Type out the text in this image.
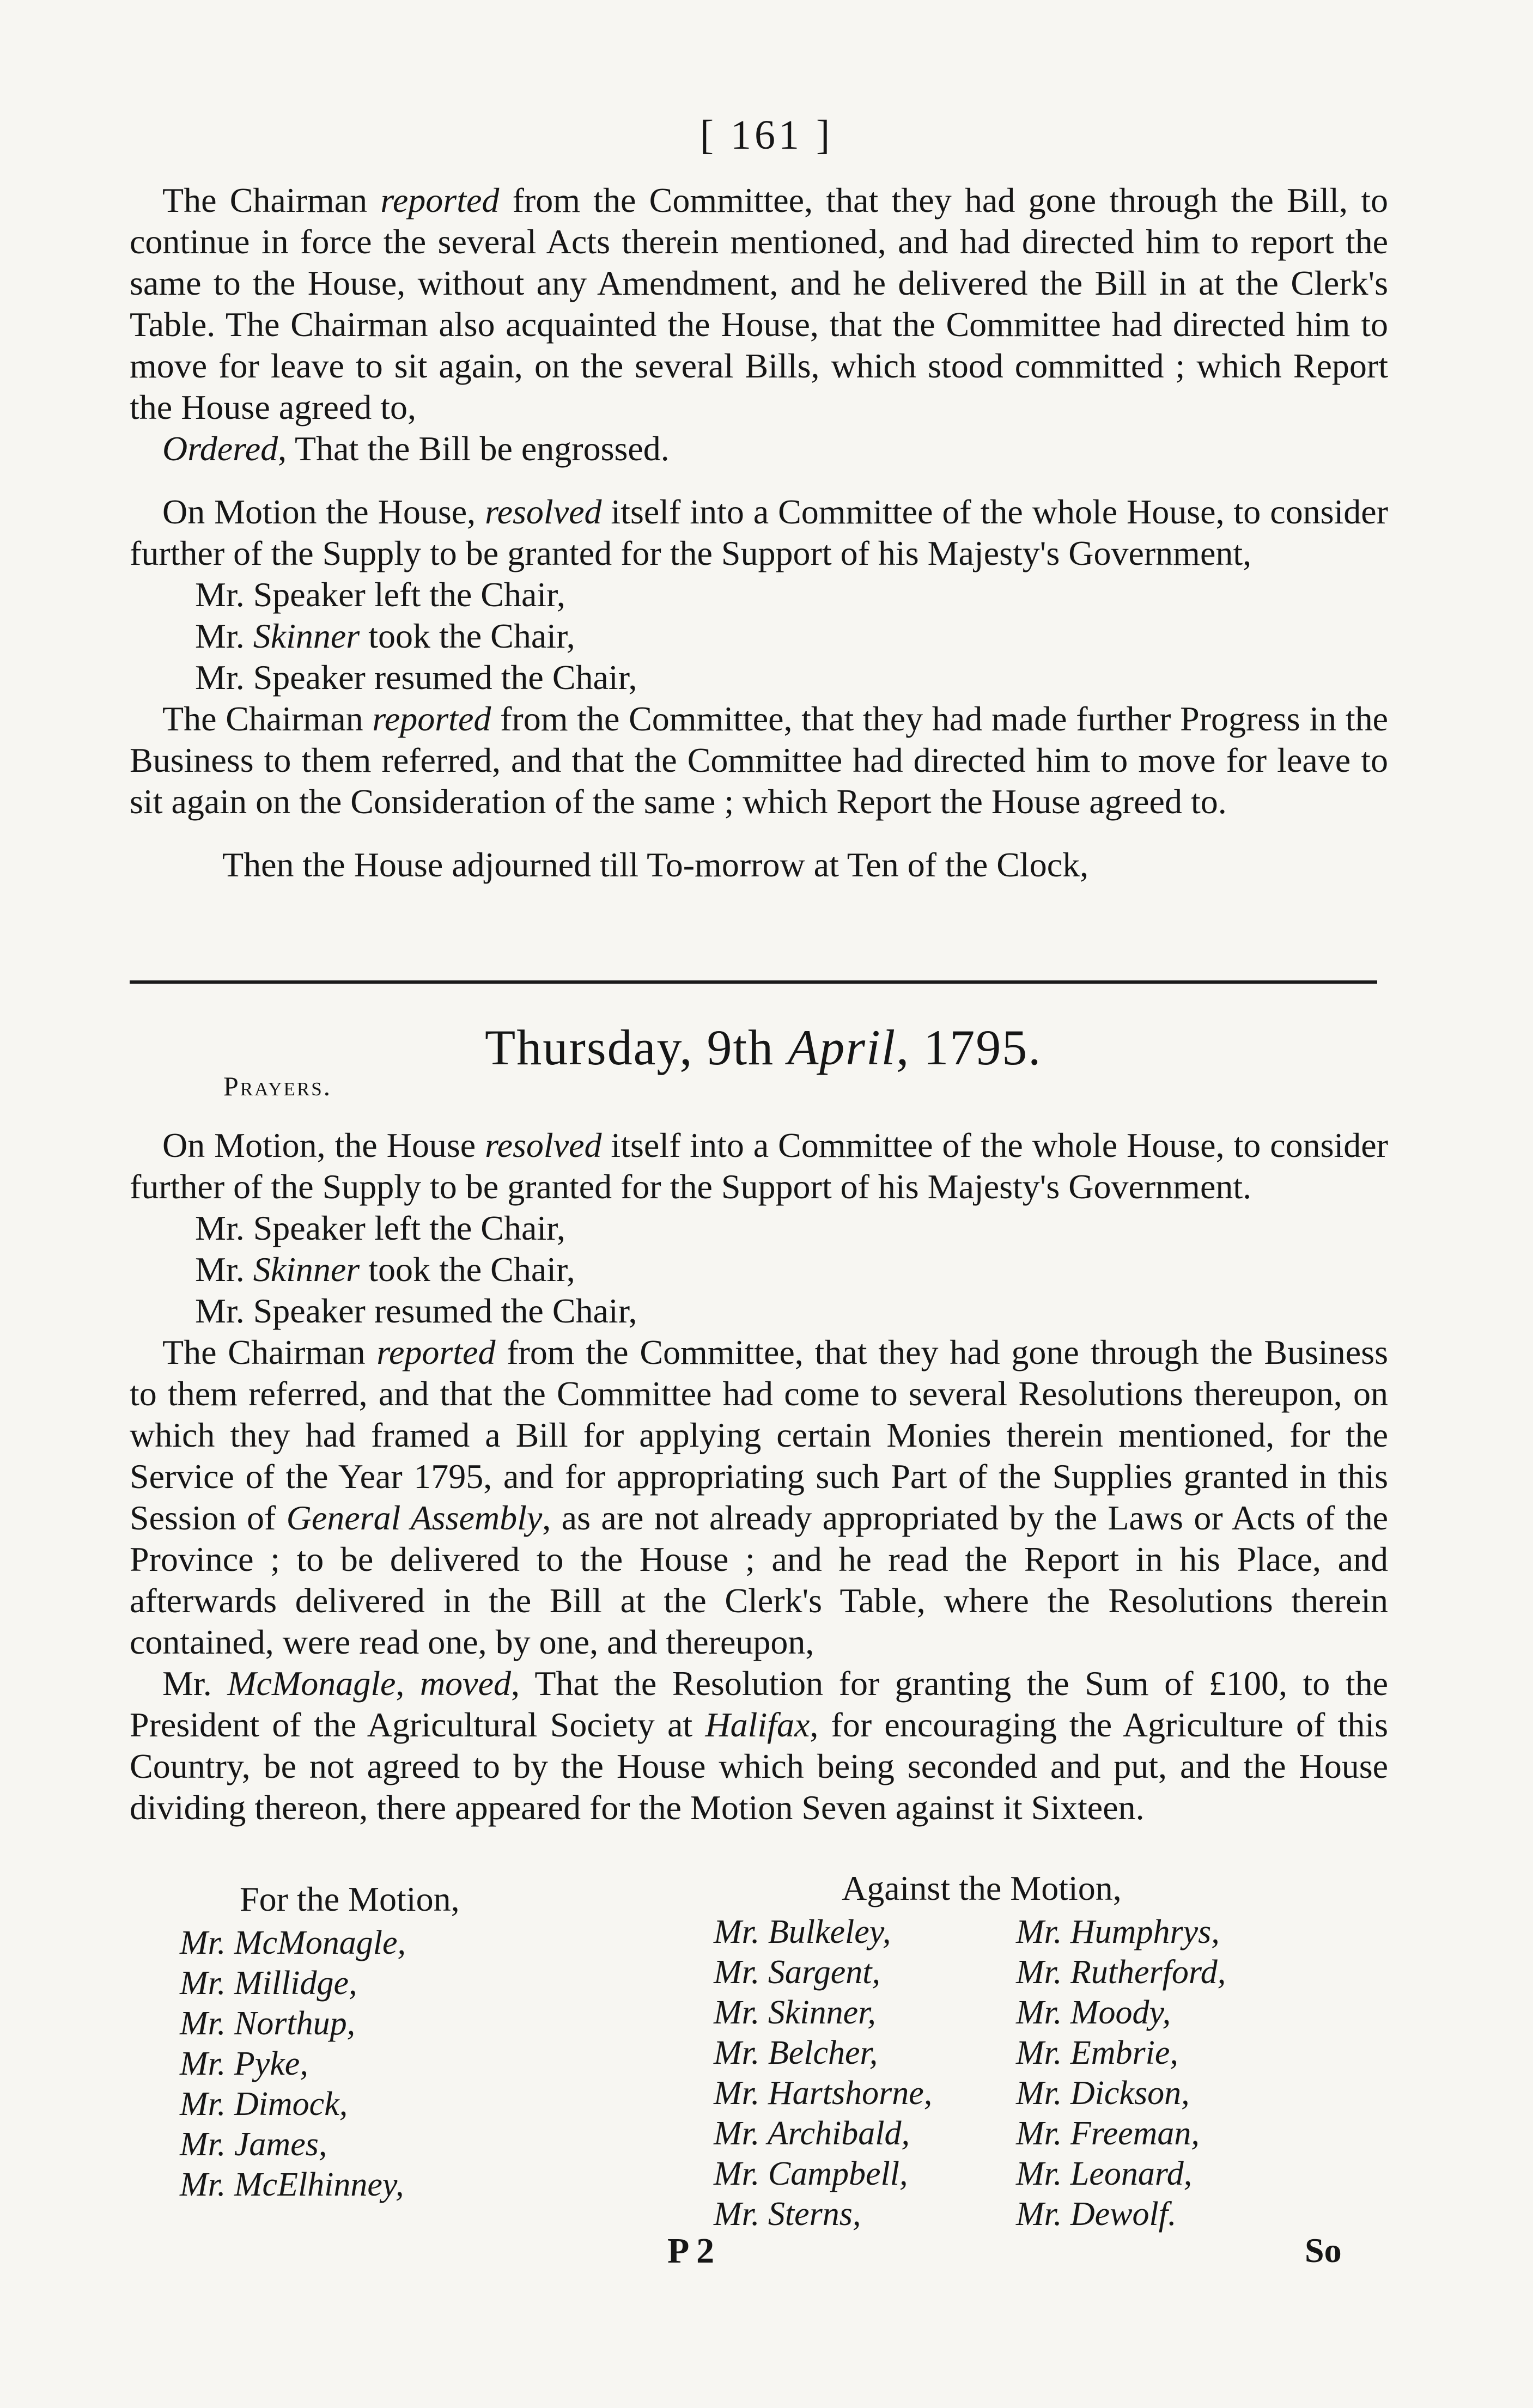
[ 161 ]

The Chairman reported from the Committee, that they had gone through the Bill, to continue in force the several Acts therein mentioned, and had directed him to report the same to the House, without any Amendment, and he delivered the Bill in at the Clerk's Table. The Chairman also acquainted the House, that the Committee had directed him to move for leave to sit again, on the several Bills, which stood committed ; which Report the House agreed to,

Ordered, That the Bill be engrossed.

On Motion the House, resolved itself into a Committee of the whole House, to consider further of the Supply to be granted for the Support of his Majesty's Government,

Mr. Speaker left the Chair,

Mr. Skinner took the Chair,

Mr. Speaker resumed the Chair,

The Chairman reported from the Committee, that they had made further Progress in the Business to them referred, and that the Committee had directed him to move for leave to sit again on the Consideration of the same ; which Report the House agreed to.

Then the House adjourned till To-morrow at Ten of the Clock,

Thursday, 9th April, 1795.
Prayers.

On Motion, the House resolved itself into a Committee of the whole House, to consider further of the Supply to be granted for the Support of his Majesty's Government.

Mr. Speaker left the Chair,

Mr. Skinner took the Chair,

Mr. Speaker resumed the Chair,

The Chairman reported from the Committee, that they had gone through the Business to them referred, and that the Committee had come to several Resolutions thereupon, on which they had framed a Bill for applying certain Monies therein mentioned, for the Service of the Year 1795, and for appropriating such Part of the Supplies granted in this Session of General Assembly, as are not already appropriated by the Laws or Acts of the Province ; to be delivered to the House ; and he read the Report in his Place, and afterwards delivered in the Bill at the Clerk's Table, where the Resolutions therein contained, were read one, by one, and thereupon,

Mr. McMonagle, moved, That the Resolution for granting the Sum of £100, to the President of the Agricultural Society at Halifax, for encouraging the Agriculture of this Country, be not agreed to by the House which being seconded and put, and the House dividing thereon, there appeared for the Motion Seven against it Sixteen.

For the Motion,	Against the Motion,
Mr. McMonagle,
Mr. Millidge,
Mr. Northup,
Mr. Pyke,
Mr. Dimock,
Mr. James,
Mr. McElhinney,
Mr. Bulkeley,
Mr. Sargent,
Mr. Skinner,
Mr. Belcher,
Mr. Hartshorne,
Mr. Archibald,
Mr. Campbell,
Mr. Sterns,
Mr. Humphrys,
Mr. Rutherford,
Mr. Moody,
Mr. Embrie,
Mr. Dickson,
Mr. Freeman,
Mr. Leonard,
Mr. Dewolf.
P 2	So
